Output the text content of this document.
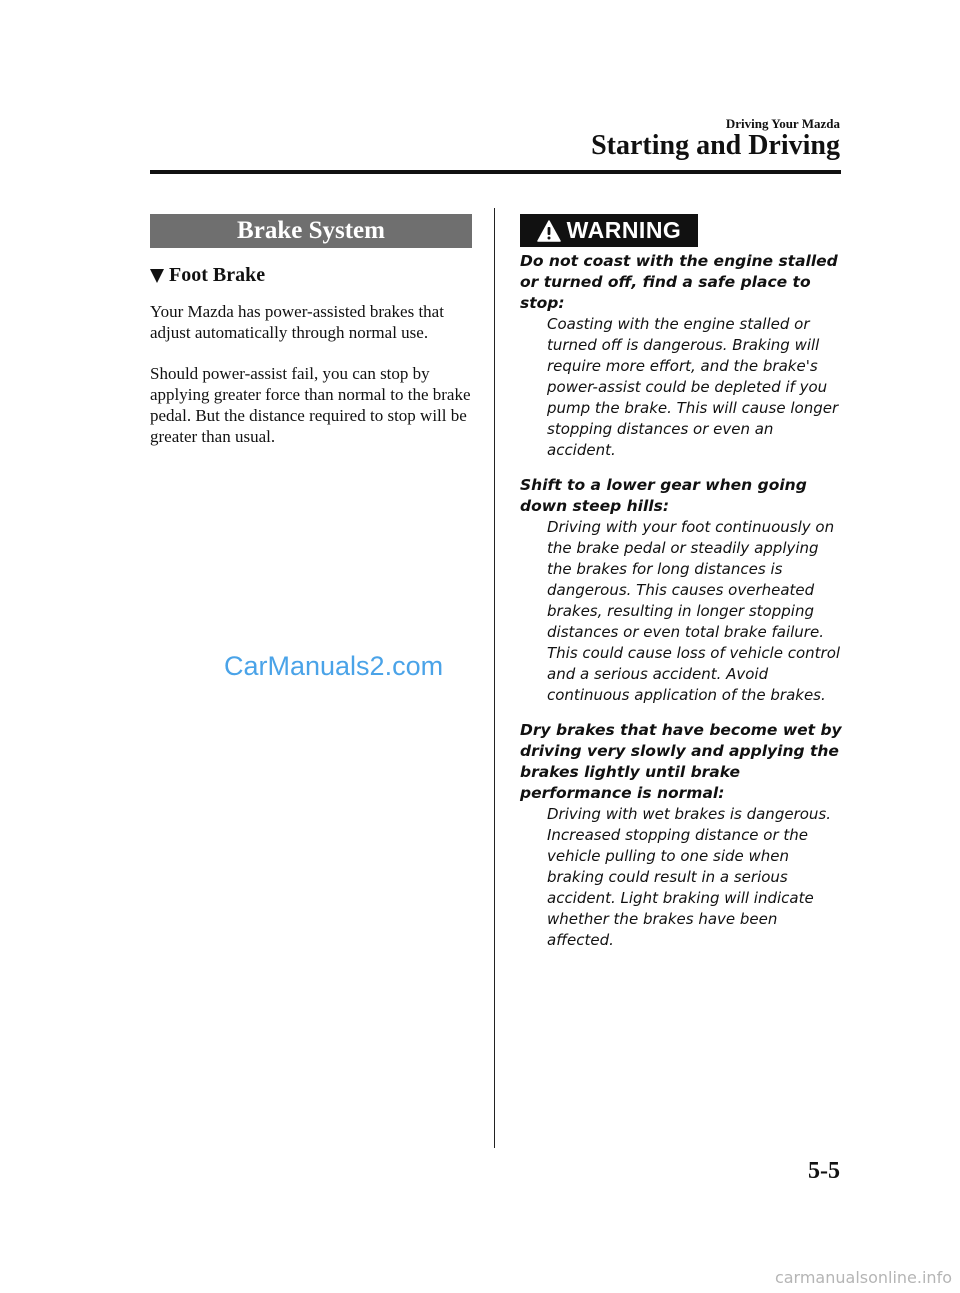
Driving Your Mazda
Starting and Driving
Brake System
Foot Brake

Your Mazda has power-assisted brakes that adjust automatically through normal use.

Should power-assist fail, you can stop by applying greater force than normal to the brake pedal. But the distance required to stop will be greater than usual.

CarManuals2.com
WARNING

Do not coast with the engine stalled or turned off, find a safe place to stop:

Coasting with the engine stalled or turned off is dangerous. Braking will require more effort, and the brake's power-assist could be depleted if you pump the brake. This will cause longer stopping distances or even an accident.

Shift to a lower gear when going down steep hills:

Driving with your foot continuously on the brake pedal or steadily applying the brakes for long distances is dangerous. This causes overheated brakes, resulting in longer stopping distances or even total brake failure. This could cause loss of vehicle control and a serious accident. Avoid continuous application of the brakes.

Dry brakes that have become wet by driving very slowly and applying the brakes lightly until brake performance is normal:

Driving with wet brakes is dangerous. Increased stopping distance or the vehicle pulling to one side when braking could result in a serious accident. Light braking will indicate whether the brakes have been affected.

5-5
carmanualsonline.info
